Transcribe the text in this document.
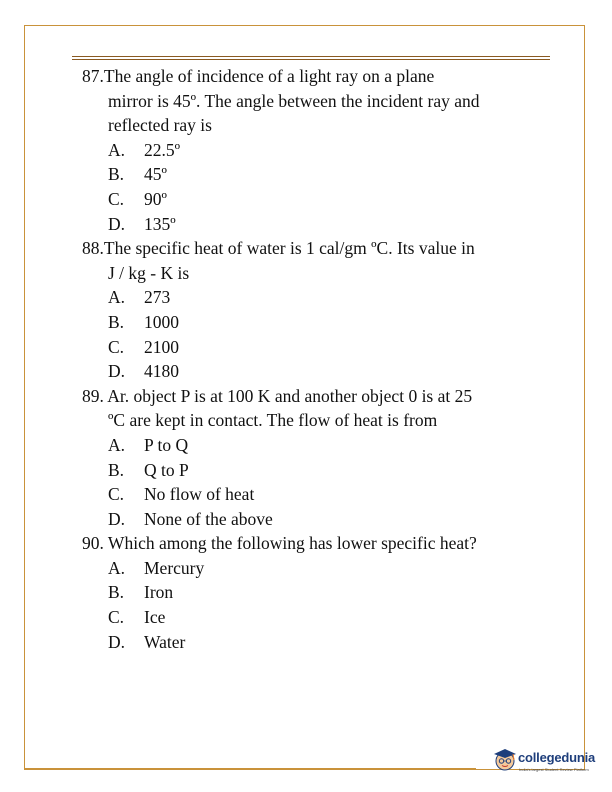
87.The angle of incidence of a light ray on a plane
mirror is 45º. The angle between the incident ray and
reflected ray is
A. 22.5º
B. 45º
C. 90º
D. 135º
88.The specific heat of water is 1 cal/gm ºC. Its value in
J / kg - K is
A. 273
B. 1000
C. 2100
D. 4180
89. Ar. object P is at 100 K and another object 0 is at 25
ºC are kept in contact. The flow of heat is from
A. P to Q
B. Q to P
C. No flow of heat
D. None of the above
90. Which among the following has lower specific heat?
A. Mercury
B. Iron
C. Ice
D. Water
collegedunia
India's largest Student Review Platform
